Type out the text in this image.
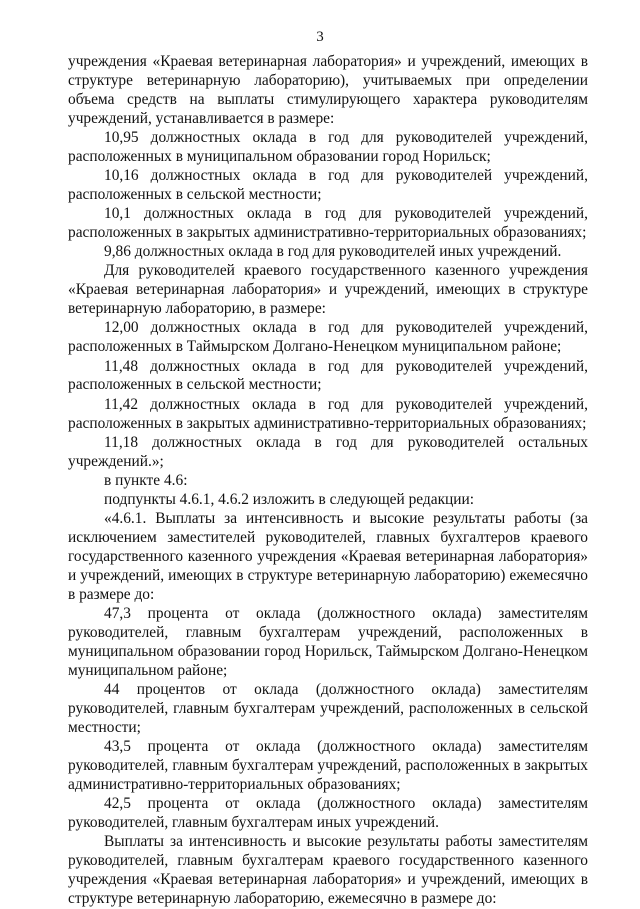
3

учреждения «Краевая ветеринарная лаборатория» и учреждений, имеющих в структуре ветеринарную лабораторию), учитываемых при определении объема средств на выплаты стимулирующего характера руководителям учреждений, устанавливается в размере:

10,95 должностных оклада в год для руководителей учреждений, расположенных в муниципальном образовании город Норильск;

10,16 должностных оклада в год для руководителей учреждений, расположенных в сельской местности;

10,1 должностных оклада в год для руководителей учреждений, расположенных в закрытых административно-территориальных образованиях;

9,86 должностных оклада в год для руководителей иных учреждений.

Для руководителей краевого государственного казенного учреждения «Краевая ветеринарная лаборатория» и учреждений, имеющих в структуре ветеринарную лабораторию, в размере:

12,00 должностных оклада в год для руководителей учреждений, расположенных в Таймырском Долгано-Ненецком муниципальном районе;

11,48 должностных оклада в год для руководителей учреждений, расположенных в сельской местности;

11,42 должностных оклада в год для руководителей учреждений, расположенных в закрытых административно-территориальных образованиях;

11,18 должностных оклада в год для руководителей остальных учреждений.»;

в пункте 4.6:

подпункты 4.6.1, 4.6.2 изложить в следующей редакции:

«4.6.1. Выплаты за интенсивность и высокие результаты работы (за исключением заместителей руководителей, главных бухгалтеров краевого государственного казенного учреждения «Краевая ветеринарная лаборатория» и учреждений, имеющих в структуре ветеринарную лабораторию) ежемесячно в размере до:

47,3 процента от оклада (должностного оклада) заместителям руководителей, главным бухгалтерам учреждений, расположенных в муниципальном образовании город Норильск, Таймырском Долгано-Ненецком муниципальном районе;

44 процентов от оклада (должностного оклада) заместителям руководителей, главным бухгалтерам учреждений, расположенных в сельской местности;

43,5 процента от оклада (должностного оклада) заместителям руководителей, главным бухгалтерам учреждений, расположенных в закрытых административно-территориальных образованиях;

42,5 процента от оклада (должностного оклада) заместителям руководителей, главным бухгалтерам иных учреждений.

Выплаты за интенсивность и высокие результаты работы заместителям руководителей, главным бухгалтерам краевого государственного казенного учреждения «Краевая ветеринарная лаборатория» и учреждений, имеющих в структуре ветеринарную лабораторию, ежемесячно в размере до:
